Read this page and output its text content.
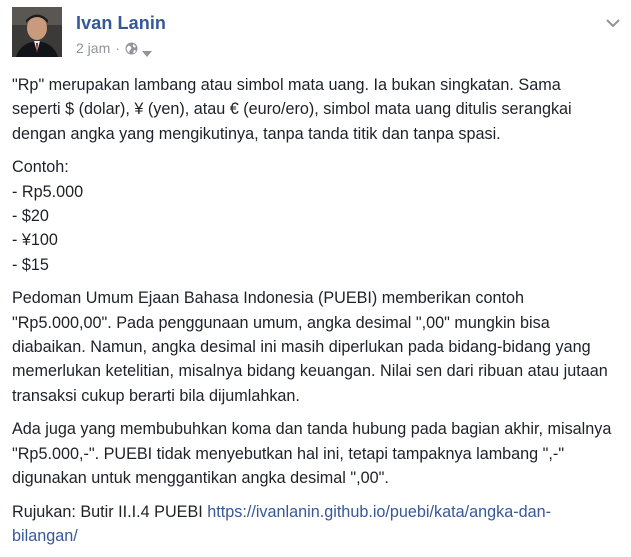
Ivan Lanin
2 jam ·

"Rp" merupakan lambang atau simbol mata uang. Ia bukan singkatan. Sama seperti $ (dolar), ¥ (yen), atau € (euro/ero), simbol mata uang ditulis serangkai dengan angka yang mengikutinya, tanpa tanda titik dan tanpa spasi.

Contoh:
- Rp5.000
- $20
- ¥100
- $15

Pedoman Umum Ejaan Bahasa Indonesia (PUEBI) memberikan contoh "Rp5.000,00". Pada penggunaan umum, angka desimal ",00" mungkin bisa diabaikan. Namun, angka desimal ini masih diperlukan pada bidang-bidang yang memerlukan ketelitian, misalnya bidang keuangan. Nilai sen dari ribuan atau jutaan transaksi cukup berarti bila dijumlahkan.

Ada juga yang membubuhkan koma dan tanda hubung pada bagian akhir, misalnya "Rp5.000,-". PUEBI tidak menyebutkan hal ini, tetapi tampaknya lambang ",-" digunakan untuk menggantikan angka desimal ",00".

Rujukan: Butir II.I.4 PUEBI https://ivanlanin.github.io/puebi/kata/angka-dan-bilangan/
